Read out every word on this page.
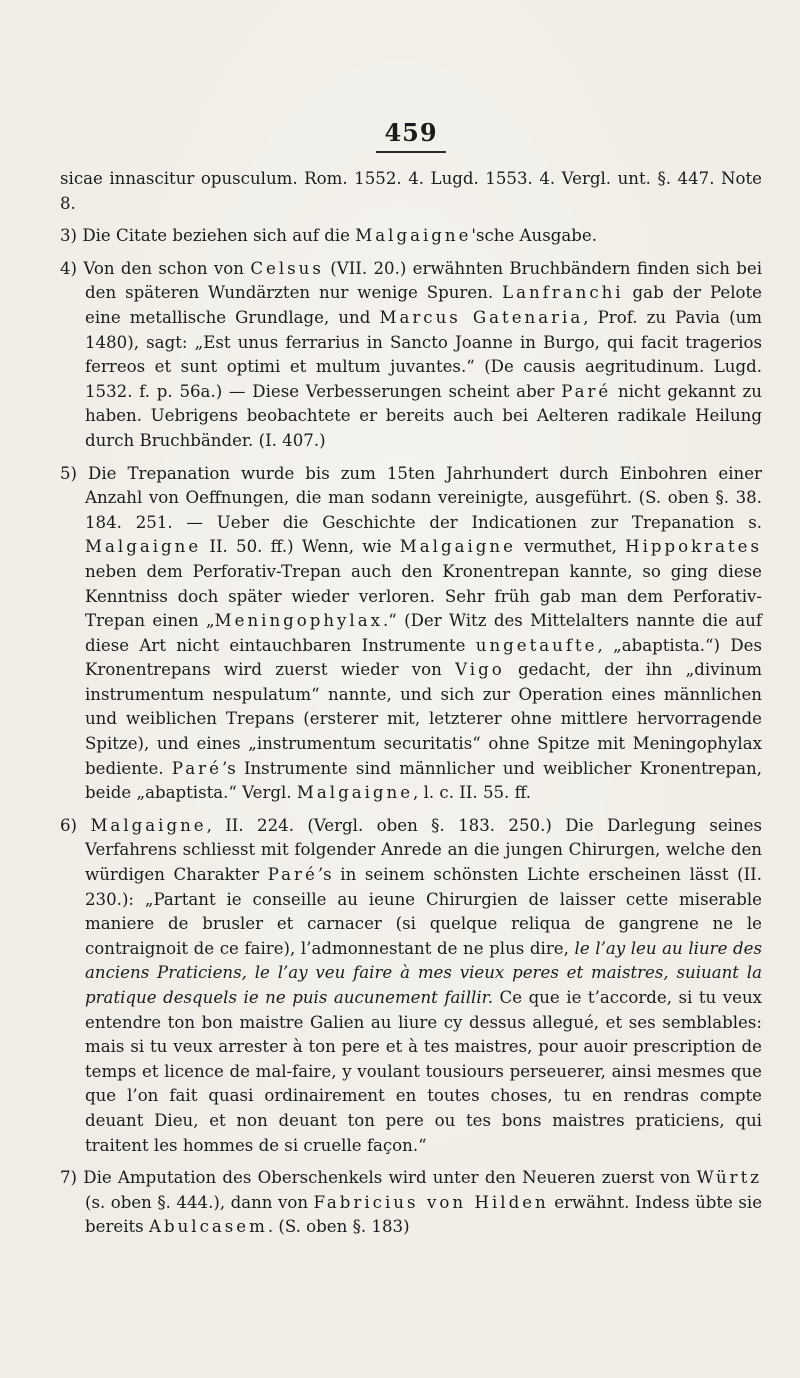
459

sicae innascitur opusculum. Rom. 1552. 4. Lugd. 1553. 4. Vergl. unt. §. 447. Note 8.

3) Die Citate beziehen sich auf die Malgaigne'sche Ausgabe.

4) Von den schon von Celsus (VII. 20.) erwähnten Bruchbändern finden sich bei den späteren Wundärzten nur wenige Spuren. Lanfranchi gab der Pelote eine metallische Grundlage, und Marcus Gatenaria, Prof. zu Pavia (um 1480), sagt: „Est unus ferrarius in Sancto Joanne in Burgo, qui facit tragerios ferreos et sunt optimi et multum juvantes.“ (De causis aegritudinum. Lugd. 1532. f. p. 56a.) — Diese Verbesserungen scheint aber Paré nicht gekannt zu haben. Uebrigens beobachtete er bereits auch bei Aelteren radikale Heilung durch Bruchbänder. (I. 407.)

5) Die Trepanation wurde bis zum 15ten Jahrhundert durch Einbohren einer Anzahl von Oeffnungen, die man sodann vereinigte, ausgeführt. (S. oben §. 38. 184. 251. — Ueber die Geschichte der Indicationen zur Trepanation s. Malgaigne II. 50. ff.) Wenn, wie Malgaigne vermuthet, Hippokrates neben dem Perforativ-Trepan auch den Kronentrepan kannte, so ging diese Kenntniss doch später wieder verloren. Sehr früh gab man dem Perforativ-Trepan einen „Meningophylax.“ (Der Witz des Mittelalters nannte die auf diese Art nicht eintauchbaren Instrumente ungetaufte, „abaptista.“) Des Kronentrepans wird zuerst wieder von Vigo gedacht, der ihn „divinum instrumentum nespulatum“ nannte, und sich zur Operation eines männlichen und weiblichen Trepans (ersterer mit, letzterer ohne mittlere hervorragende Spitze), und eines „instrumentum securitatis“ ohne Spitze mit Meningophylax bediente. Paré’s Instrumente sind männlicher und weiblicher Kronentrepan, beide „abaptista.“ Vergl. Malgaigne, l. c. II. 55. ff.

6) Malgaigne, II. 224. (Vergl. oben §. 183. 250.) Die Darlegung seines Verfahrens schliesst mit folgender Anrede an die jungen Chirurgen, welche den würdigen Charakter Paré’s in seinem schönsten Lichte erscheinen lässt (II. 230.): „Partant ie conseille au ieune Chirurgien de laisser cette miserable maniere de brusler et carnacer (si quelque reliqua de gangrene ne le contraignoit de ce faire), l’admonnestant de ne plus dire, le l’ay leu au liure des anciens Praticiens, le l’ay veu faire à mes vieux peres et maistres, suiuant la pratique desquels ie ne puis aucunement faillir. Ce que ie t’accorde, si tu veux entendre ton bon maistre Galien au liure cy dessus allegué, et ses semblables: mais si tu veux arrester à ton pere et à tes maistres, pour auoir prescription de temps et licence de mal-faire, y voulant tousiours perseuerer, ainsi mesmes que que l’on fait quasi ordinairement en toutes choses, tu en rendras compte deuant Dieu, et non deuant ton pere ou tes bons maistres praticiens, qui traitent les hommes de si cruelle façon.“

7) Die Amputation des Oberschenkels wird unter den Neueren zuerst von Würtz (s. oben §. 444.), dann von Fabricius von Hilden erwähnt. Indess übte sie bereits Abulcasem. (S. oben §. 183)
